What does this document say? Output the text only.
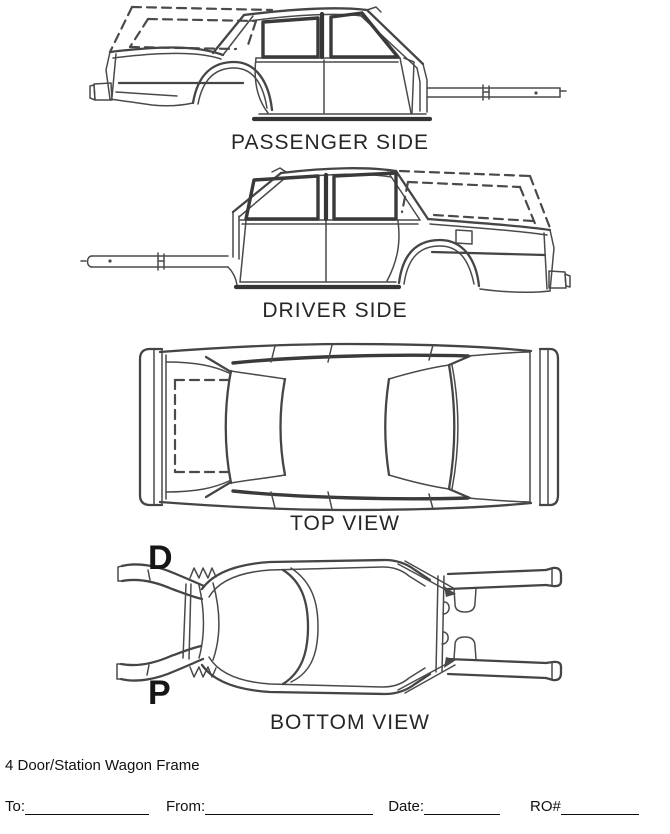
PASSENGER SIDE
DRIVER SIDE
TOP VIEW
BOTTOM VIEW
D
P
4 Door/Station Wagon Frame
To:	From:	Date:	RO#
